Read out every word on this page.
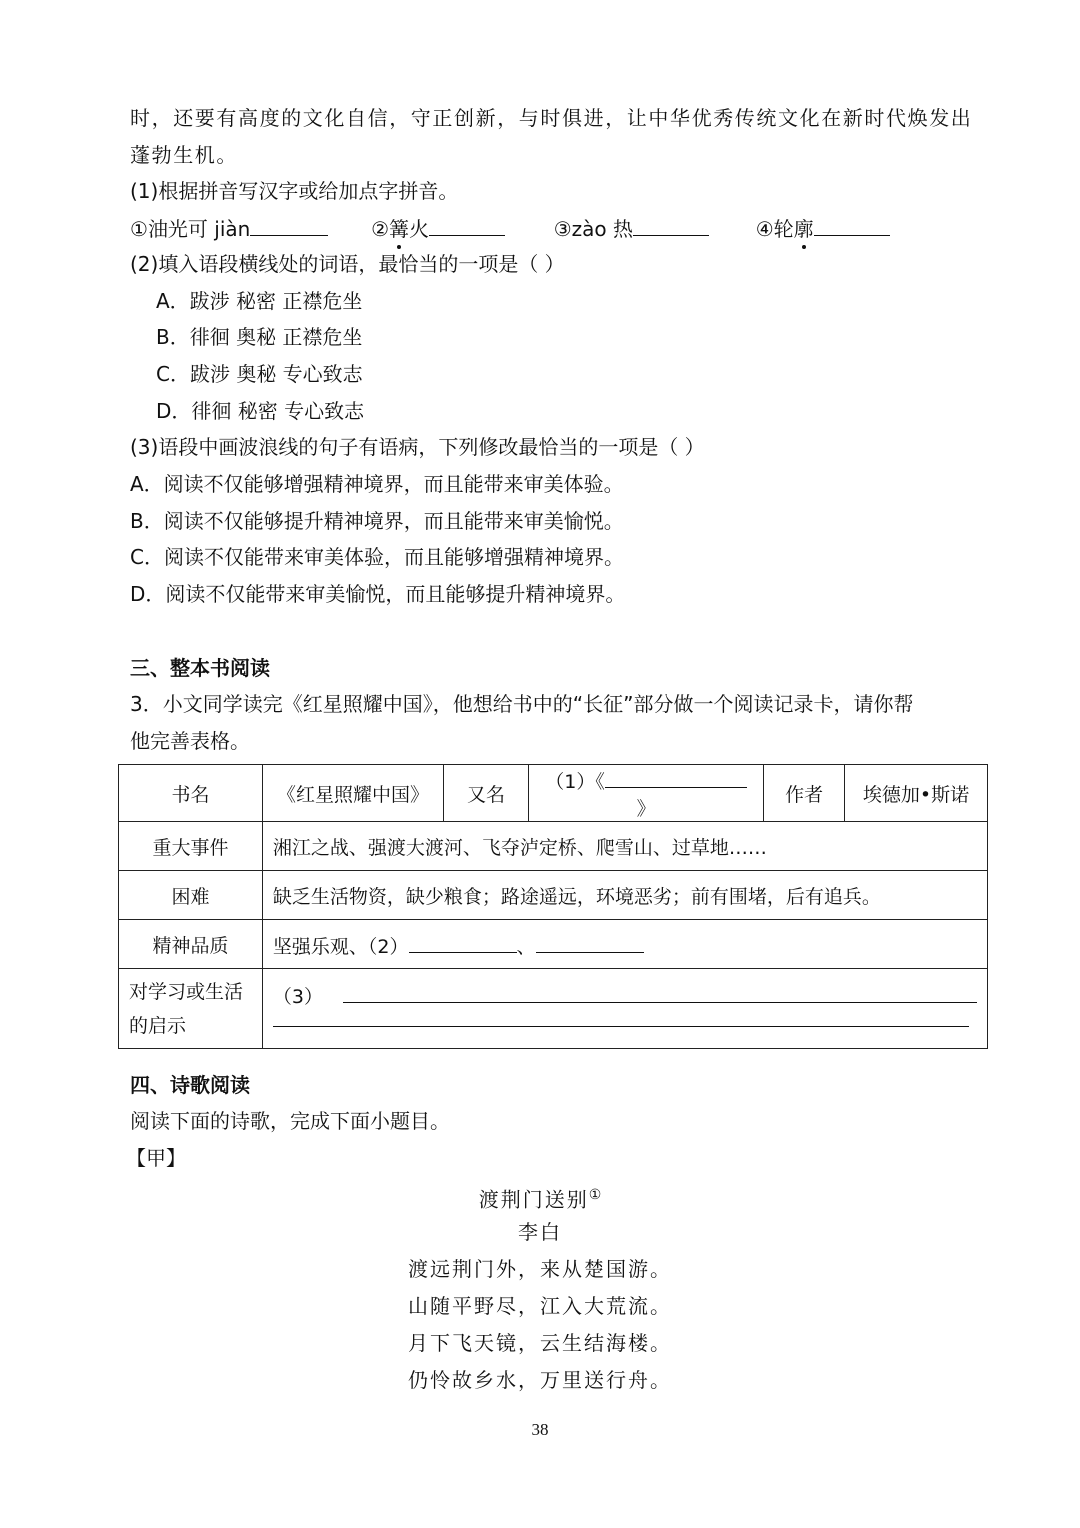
时，还要有高度的文化自信，守正创新，与时俱进，让中华优秀传统文化在新时代焕发出
蓬勃生机。
(1)根据拼音写汉字或给加点字拼音。
①油光可 jiàn	②篝火	③zào 热	④轮廓
(2)填入语段横线处的词语，最恰当的一项是（ ）
A．跋涉 秘密 正襟危坐
B．徘徊 奥秘 正襟危坐
C．跋涉 奥秘 专心致志
D．徘徊 秘密 专心致志
(3)语段中画波浪线的句子有语病，下列修改最恰当的一项是（ ）
A．阅读不仅能够增强精神境界，而且能带来审美体验。
B．阅读不仅能够提升精神境界，而且能带来审美愉悦。
C．阅读不仅能带来审美体验，而且能够增强精神境界。
D．阅读不仅能带来审美愉悦，而且能够提升精神境界。
三、整本书阅读
3．小文同学读完《红星照耀中国》，他想给书中的“长征”部分做一个阅读记录卡，请你帮
他完善表格。
书名	《红星照耀中国》	又名	（1）《》	作者	埃德加•斯诺
重大事件	湘江之战、强渡大渡河、飞夺泸定桥、爬雪山、过草地……				
困难	缺乏生活物资，缺少粮食；路途遥远，环境恶劣；前有围堵，后有追兵。				
精神品质	坚强乐观、（2） 、				
对学习或生活
的启示	（3）				
四、诗歌阅读
阅读下面的诗歌，完成下面小题目。
【甲】
渡荆门送别①
李白
渡远荆门外，来从楚国游。
山随平野尽，江入大荒流。
月下飞天镜，云生结海楼。
仍怜故乡水，万里送行舟。
38
